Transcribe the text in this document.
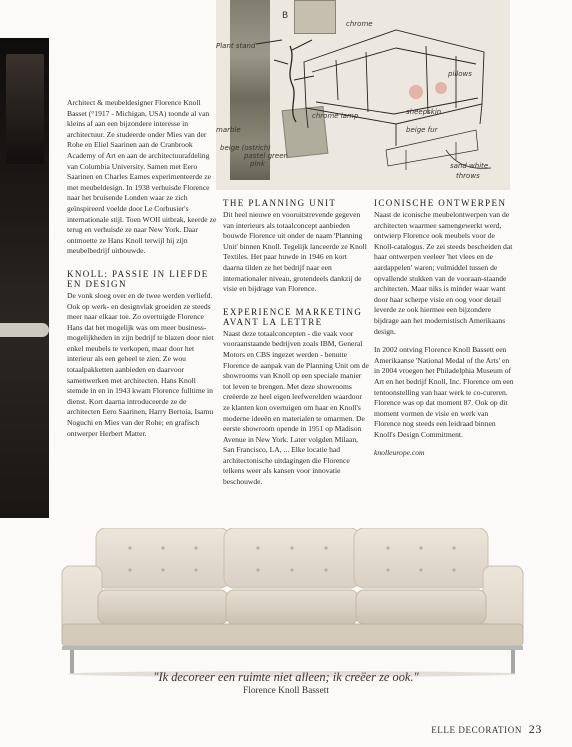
B
Plant stand
chrome
chrome lamp
marble
sheepskin
beige fur
beige (ostrich)
pastel green
pink
pillows
sand white
throws

Architect & meubeldesigner Florence Knoll Basset (°1917 - Michigan, USA) toonde al van kleins af aan een bijzondere interesse in architectuur. Ze studeerde onder Mies van der Rohe en Eliel Saarinen aan de Cranbrook Academy of Art en aan de architectuurafdeling van Columbia University. Samen met Eero Saarinen en Charles Eames experimenteerde ze met meubeldesign. In 1938 verhuisde Florence naar het bruisende Londen waar ze zich geïnspireerd voelde door Le Corbusier's internationale stijl. Toen WOII uitbrak, keerde ze terug en verhuisde ze naar New York. Daar ontmoette ze Hans Knoll terwijl hij zijn meubelbedrijf uitbouwde.

KNOLL: PASSIE IN LIEFDE EN DESIGN

De vonk sloeg over en de twee werden verliefd. Ook op werk- en designvlak groeiden ze steeds meer naar elkaar toe. Zo overtuigde Florence Hans dat het mogelijk was om meer business-mogelijkheden in zijn bedrijf te blazen door niet enkel meubels te verkopen, maar door het interieur als een geheel te zien. Ze wou totaalpakketten aanbieden en daarvoor samenwerken met architecten. Hans Knoll stemde in en in 1943 kwam Florence fulltime in dienst. Kort daarna introduceerde ze de architecten Eero Saarinen, Harry Bertoia, Isamu Noguchi en Mies van der Rohe; en grafisch ontwerper Herbert Matter.

THE PLANNING UNIT

Dit heel nieuwe en vooruitstrevende gegeven van interieurs als totaalconcept aanbieden bouwde Florence uit onder de naam 'Planning Unit' binnen Knoll. Tegelijk lanceerde ze Knoll Textiles. Het paar huwde in 1946 en kort daarna tilden ze het bedrijf naar een internationaler niveau, grotendeels dankzij de visie en bijdrage van Florence.

EXPERIENCE MARKETING AVANT LA LETTRE

Naast deze totaalconcepten - die vaak voor vooraanstaande bedrijven zoals IBM, General Motors en CBS ingezet werden - benutte Florence de aanpak van de Planning Unit om de showrooms van Knoll op een speciale manier tot leven te brengen. Met deze showrooms creëerde ze heel eigen leefwerelden waardoor ze klanten kon overtuigen om haar en Knoll's moderne ideeën en materialen te omarmen. De eerste showroom opende in 1951 op Madison Avenue in New York. Later volgden Milaan, San Francisco, LA, ... Elke locatie had architectonische uitdagingen die Florence telkens weer als kansen voor innovatie beschouwde.

ICONISCHE ONTWERPEN

Naast de iconische meubelontwerpen van de architecten waarmee samengewerkt werd, ontwierp Florence ook meubels voor de Knoll-catalogus. Ze zei steeds bescheiden dat haar ontwerpen veeleer 'het vlees en de aardappelen' waren; vulmiddel tussen de opvallende stukken van de vooraan-staande architecten. Maar niks is minder waar want door haar scherpe visie en oog voor detail leverde ze ook hiermee een bijzondere bijdrage aan het modernistisch Amerikaans design.

In 2002 ontving Florence Knoll Bassett een Amerikaanse 'National Medal of the Arts' en in 2004 vroegen het Philadelphia Museum of Art en het bedrijf Knoll, Inc. Florence om een tentoonstelling van haar werk te co-cureren. Florence was op dat moment 87. Ook op dit moment vormen de visie en werk van Florence nog steeds een leidraad binnen Knoll's Design Commitment.

knolleurope.com
"Ik decoreer een ruimte niet alleen; ik creëer ze ook."
Florence Knoll Bassett
ELLE DECORATION 23
